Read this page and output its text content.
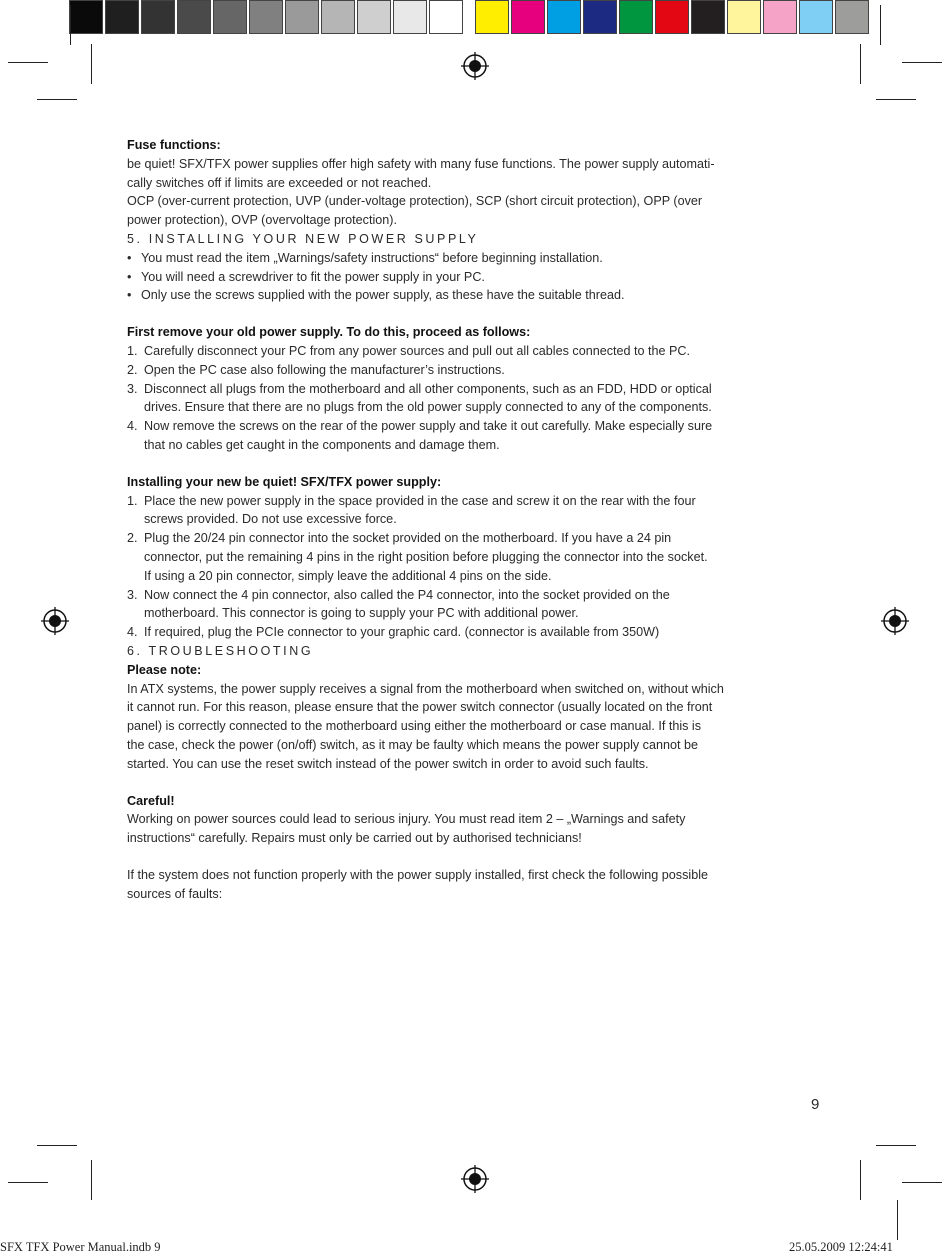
Fuse functions:

be quiet! SFX/TFX power supplies offer high safety with many fuse functions. The power supply automati-

cally switches off if limits are exceeded or not reached.

OCP (over-current protection, UVP (under-voltage protection), SCP (short circuit protection), OPP (over

power protection), OVP (overvoltage protection).

5. INSTALLING YOUR NEW POWER SUPPLY

• You must read the item „Warnings/safety instructions“ before beginning installation.
• You will need a screwdriver to fit the power supply in your PC.
• Only use the screws supplied with the power supply, as these have the suitable thread.

First remove your old power supply. To do this, proceed as follows:

1. Carefully disconnect your PC from any power sources and pull out all cables connected to the PC.
2. Open the PC case also following the manufacturer’s instructions.
3. Disconnect all plugs from the motherboard and all other components, such as an FDD, HDD or optical
drives. Ensure that there are no plugs from the old power supply connected to any of the components.
4. Now remove the screws on the rear of the power supply and take it out carefully. Make especially sure
that no cables get caught in the components and damage them.

Installing your new be quiet! SFX/TFX power supply:

1. Place the new power supply in the space provided in the case and screw it on the rear with the four
screws provided. Do not use excessive force.
2. Plug the 20/24 pin connector into the socket provided on the motherboard. If you have a 24 pin
connector, put the remaining 4 pins in the right position before plugging the connector into the socket.
If using a 20 pin connector, simply leave the additional 4 pins on the side.
3. Now connect the 4 pin connector, also called the P4 connector, into the socket provided on the
motherboard. This connector is going to supply your PC with additional power.
4. If required, plug the PCIe connector to your graphic card. (connector is available from 350W)

6. TROUBLESHOOTING

Please note:

In ATX systems, the power supply receives a signal from the motherboard when switched on, without which

it cannot run. For this reason, please ensure that the power switch connector (usually located on the front

panel) is correctly connected to the motherboard using either the motherboard or case manual. If this is

the case, check the power (on/off) switch, as it may be faulty which means the power supply cannot be

started. You can use the reset switch instead of the power switch in order to avoid such faults.

Careful!

Working on power sources could lead to serious injury. You must read item 2 – „Warnings and safety

instructions“ carefully. Repairs must only be carried out by authorised technicians!

If the system does not function properly with the power supply installed, first check the following possible

sources of faults:

9
SFX TFX Power Manual.indb 9	25.05.2009 12:24:41
